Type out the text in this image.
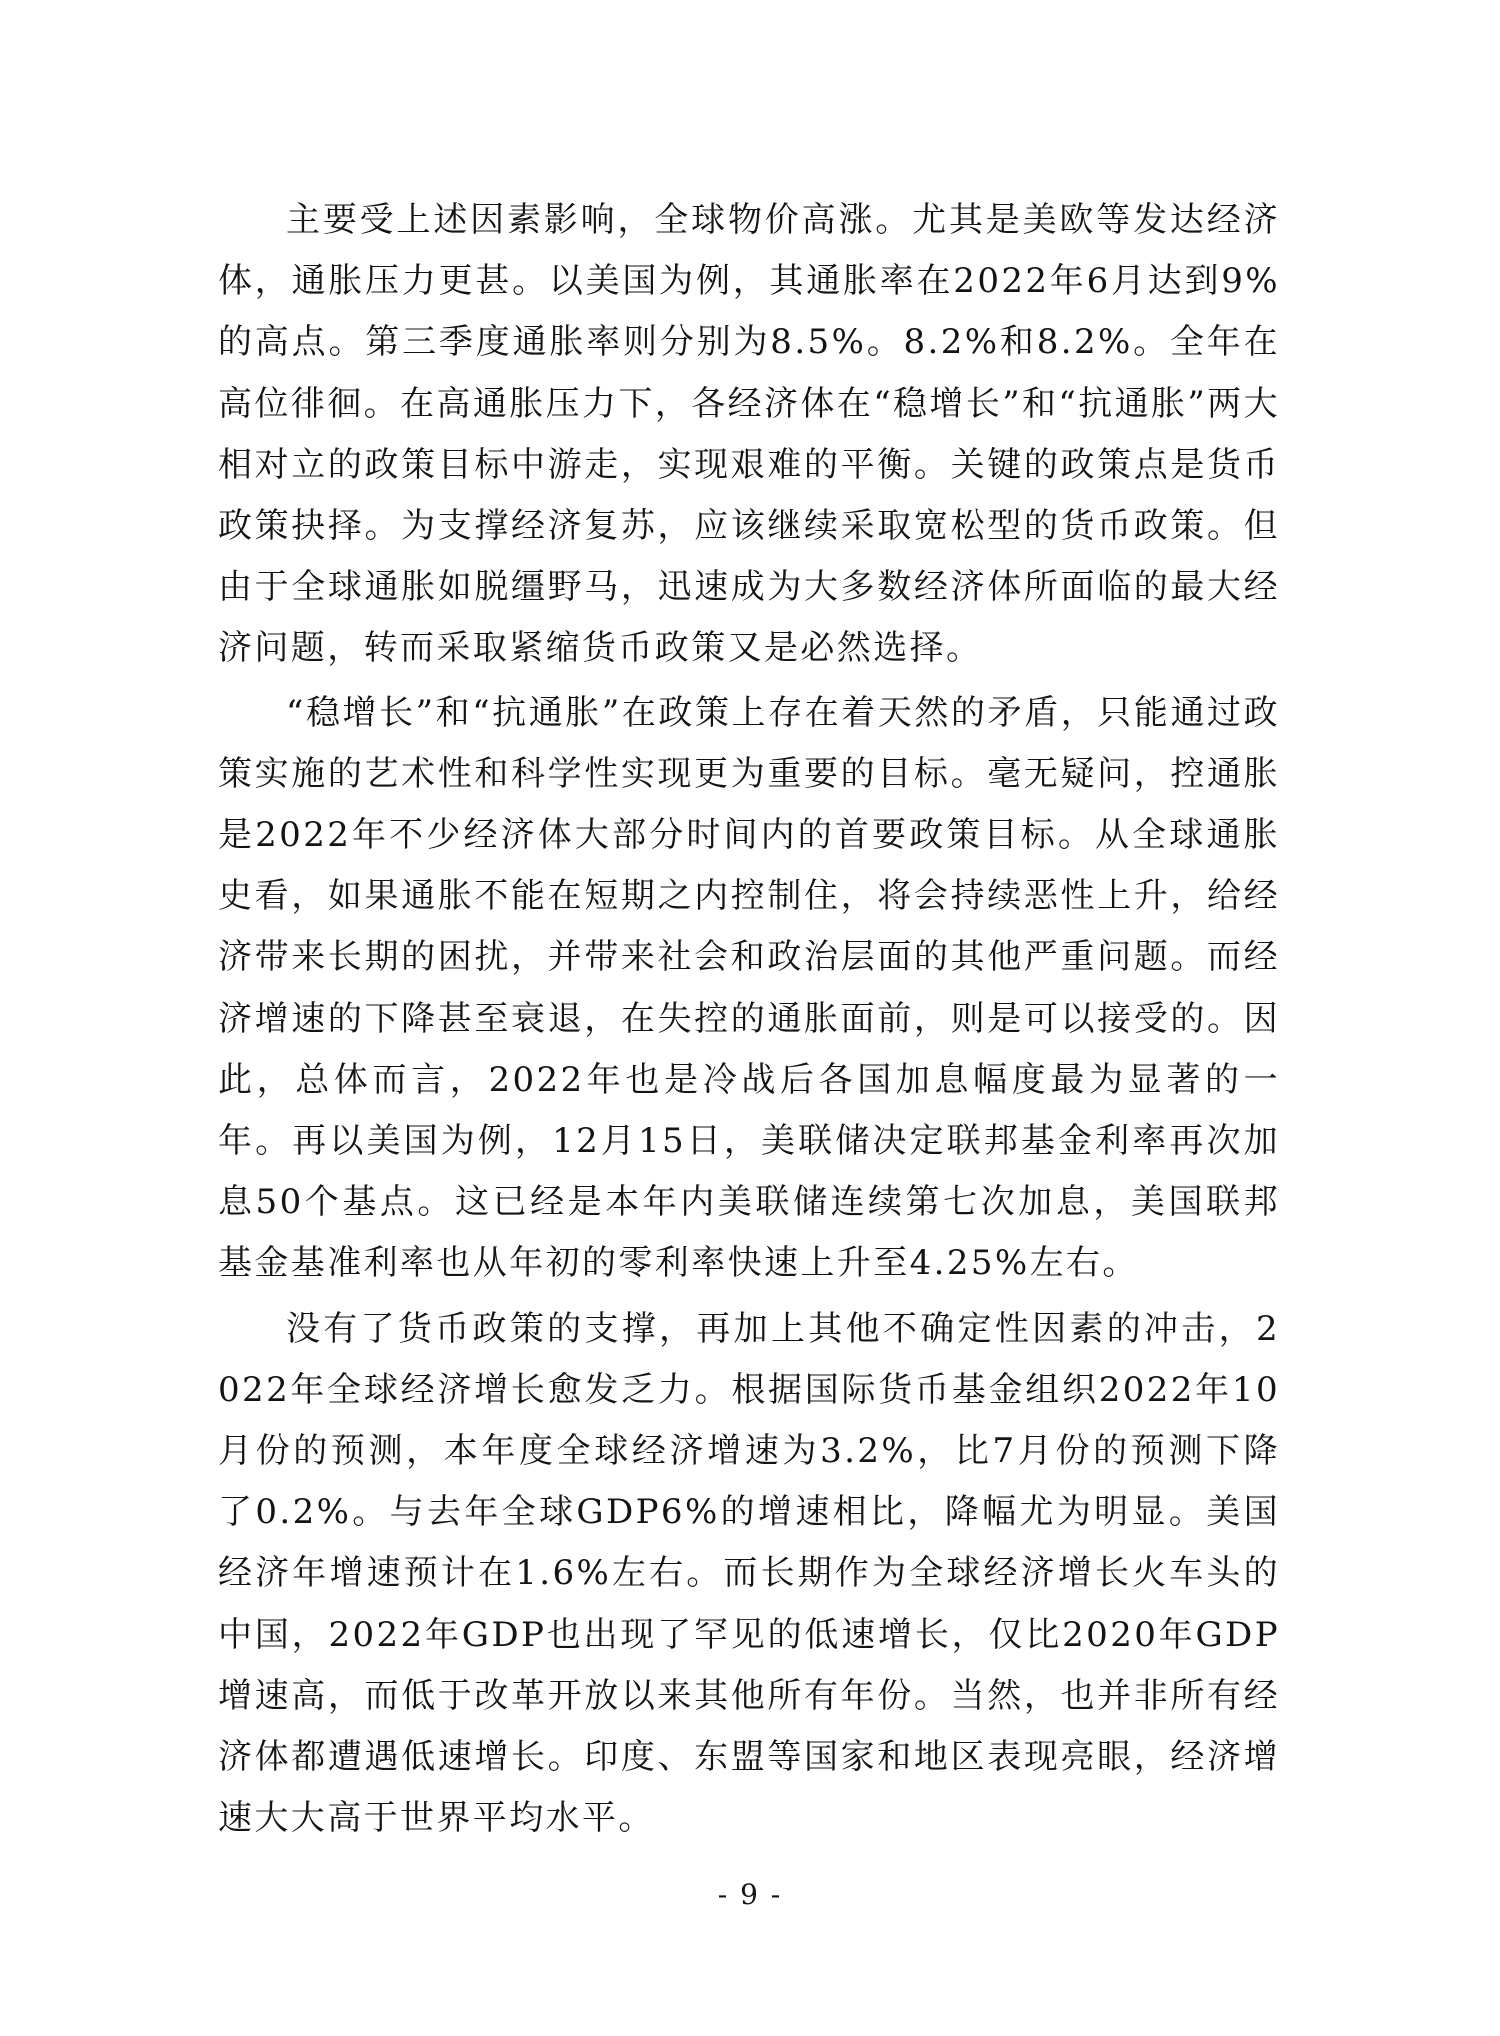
主要受上述因素影响，全球物价高涨。尤其是美欧等发达经济体，通胀压力更甚。以美国为例，其通胀率在2022年6月达到9%的高点。第三季度通胀率则分别为8.5%。8.2%和8.2%。全年在高位徘徊。在高通胀压力下，各经济体在“稳增长”和“抗通胀”两大相对立的政策目标中游走，实现艰难的平衡。关键的政策点是货币政策抉择。为支撑经济复苏，应该继续采取宽松型的货币政策。但由于全球通胀如脱缰野马，迅速成为大多数经济体所面临的最大经济问题，转而采取紧缩货币政策又是必然选择。

“稳增长”和“抗通胀”在政策上存在着天然的矛盾，只能通过政策实施的艺术性和科学性实现更为重要的目标。毫无疑问，控通胀是2022年不少经济体大部分时间内的首要政策目标。从全球通胀史看，如果通胀不能在短期之内控制住，将会持续恶性上升，给经济带来长期的困扰，并带来社会和政治层面的其他严重问题。而经济增速的下降甚至衰退，在失控的通胀面前，则是可以接受的。因此，总体而言，2022年也是冷战后各国加息幅度最为显著的一年。再以美国为例，12月15日，美联储决定联邦基金利率再次加息50个基点。这已经是本年内美联储连续第七次加息，美国联邦基金基准利率也从年初的零利率快速上升至4.25%左右。

没有了货币政策的支撑，再加上其他不确定性因素的冲击，2022年全球经济增长愈发乏力。根据国际货币基金组织2022年10月份的预测，本年度全球经济增速为3.2%，比7月份的预测下降了0.2%。与去年全球GDP6%的增速相比，降幅尤为明显。美国经济年增速预计在1.6%左右。而长期作为全球经济增长火车头的中国，2022年GDP也出现了罕见的低速增长，仅比2020年GDP增速高，而低于改革开放以来其他所有年份。当然，也并非所有经济体都遭遇低速增长。印度、东盟等国家和地区表现亮眼，经济增速大大高于世界平均水平。

- 9 -
